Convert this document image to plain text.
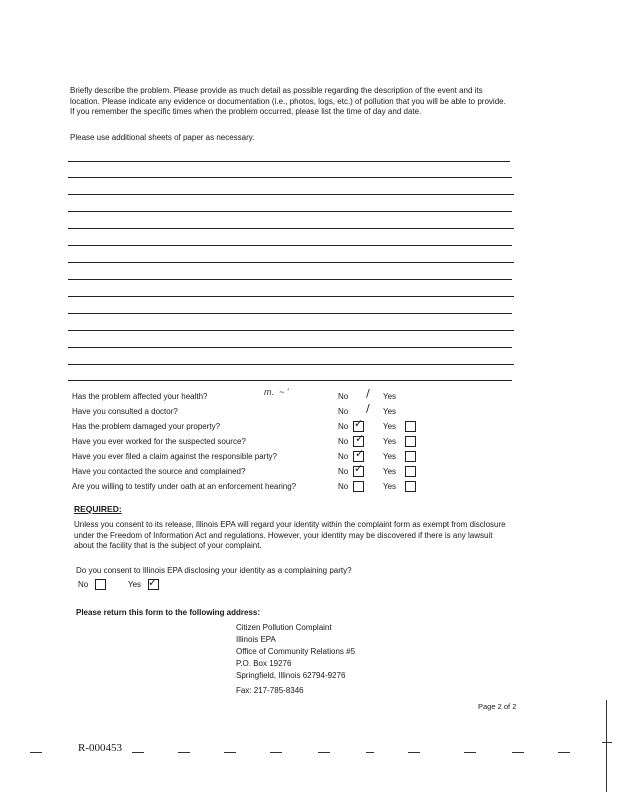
Briefly describe the problem. Please provide as much detail as possible regarding the description of the event and its location. Please indicate any evidence or documentation (i.e., photos, logs, etc.) of pollution that you will be able to provide. If you remember the specific times when the problem occurred, please list the time of day and date.
Please use additional sheets of paper as necessary.
m.  ~ '
Has the problem affected your health?	No / Yes
Have you consulted a doctor?	No / Yes
Has the problem damaged your property?	No ✓ Yes
Have you ever worked for the suspected source?	No ✓ Yes
Have you ever filed a claim against the responsible party?	No ✓ Yes
Have you contacted the source and complained?	No ✓ Yes
Are you willing to testify under oath at an enforcement hearing?	No	Yes
REQUIRED:
Unless you consent to its release, Illinois EPA will regard your identity within the complaint form as exempt from disclosure under the Freedom of Information Act and regulations. However, your identity may be discovered if there is any lawsuit about the facility that is the subject of your complaint.
Do you consent to Illinois EPA disclosing your identity as a complaining party?
No	Yes ✓
Please return this form to the following address:
Citizen Pollution Complaint
Illinois EPA
Office of Community Relations #5
P.O. Box 19276
Springfield, Illinois 62794-9276
Fax: 217-785-8346
Page 2 of 2
R-000453
